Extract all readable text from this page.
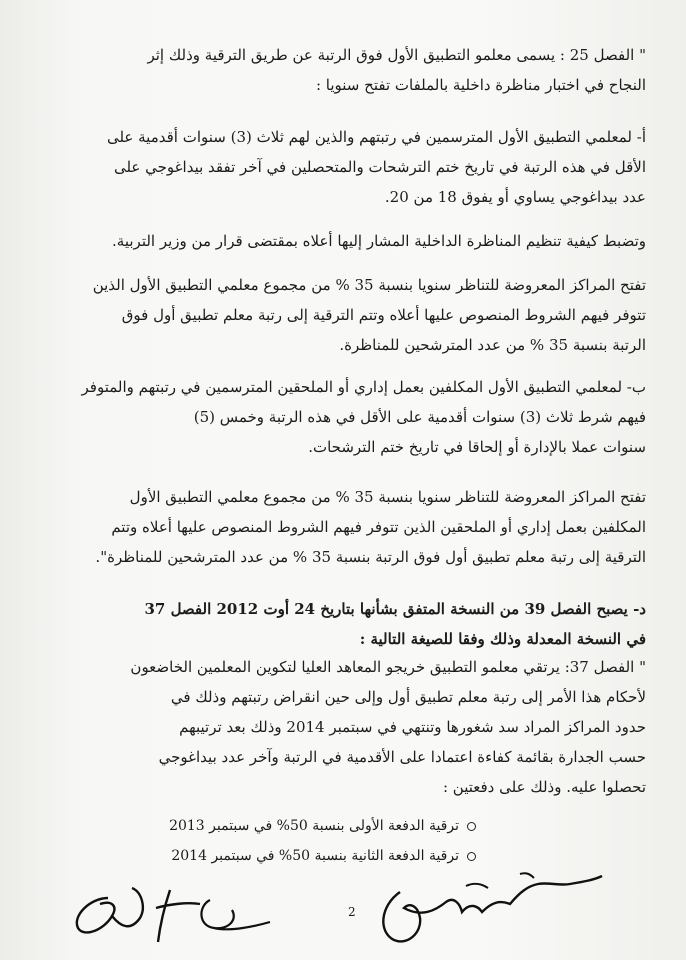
" الفصل 25 : يسمى معلمو التطبيق الأول فوق الرتبة عن طريق الترقية وذلك إثر
النجاح في اختبار مناظرة داخلية بالملفات تفتح سنويا :
أ- لمعلمي التطبيق الأول المترسمين في رتبتهم والذين لهم ثلاث (3) سنوات أقدمية على
الأقل في هذه الرتبة في تاريخ ختم الترشحات والمتحصلين في آخر تفقد بيداغوجي على
عدد بيداغوجي يساوي أو يفوق 18 من 20.
وتضبط كيفية تنظيم المناظرة الداخلية المشار إليها أعلاه بمقتضى قرار من وزير التربية.
تفتح المراكز المعروضة للتناظر سنويا بنسبة 35 % من مجموع معلمي التطبيق الأول الذين
تتوفر فيهم الشروط المنصوص عليها أعلاه وتتم الترقية إلى رتبة معلم تطبيق أول فوق
الرتبة بنسبة 35 % من عدد المترشحين للمناظرة.
ب- لمعلمي التطبيق الأول المكلفين بعمل إداري أو الملحقين المترسمين في رتبتهم والمتوفر
فيهم شرط ثلاث (3) سنوات أقدمية على الأقل في هذه الرتبة وخمس (5)
سنوات عملا بالإدارة أو إلحاقا في تاريخ ختم الترشحات.
تفتح المراكز المعروضة للتناظر سنويا بنسبة 35 % من مجموع معلمي التطبيق الأول
المكلفين بعمل إداري أو الملحقين الذين تتوفر فيهم الشروط المنصوص عليها أعلاه وتتم
الترقية إلى رتبة معلم تطبيق أول فوق الرتبة بنسبة 35 % من عدد المترشحين للمناظرة".
د- يصبح الفصل 39 من النسخة المتفق بشأنها بتاريخ 24 أوت 2012 الفصل 37
في النسخة المعدلة وذلك وفقا للصيغة التالية :
" الفصل 37: يرتقي معلمو التطبيق خريجو المعاهد العليا لتكوين المعلمين الخاضعون
لأحكام هذا الأمر إلى رتبة معلم تطبيق أول وإلى حين انقراض رتبتهم وذلك في
حدود المراكز المراد سد شغورها وتنتهي في سبتمبر 2014 وذلك بعد ترتيبهم
حسب الجدارة بقائمة كفاءة اعتمادا على الأقدمية في الرتبة وآخر عدد بيداغوجي
تحصلوا عليه. وذلك على دفعتين :
ترقية الدفعة الأولى بنسبة 50% في سبتمبر 2013
ترقية الدفعة الثانية بنسبة 50% في سبتمبر 2014
2
